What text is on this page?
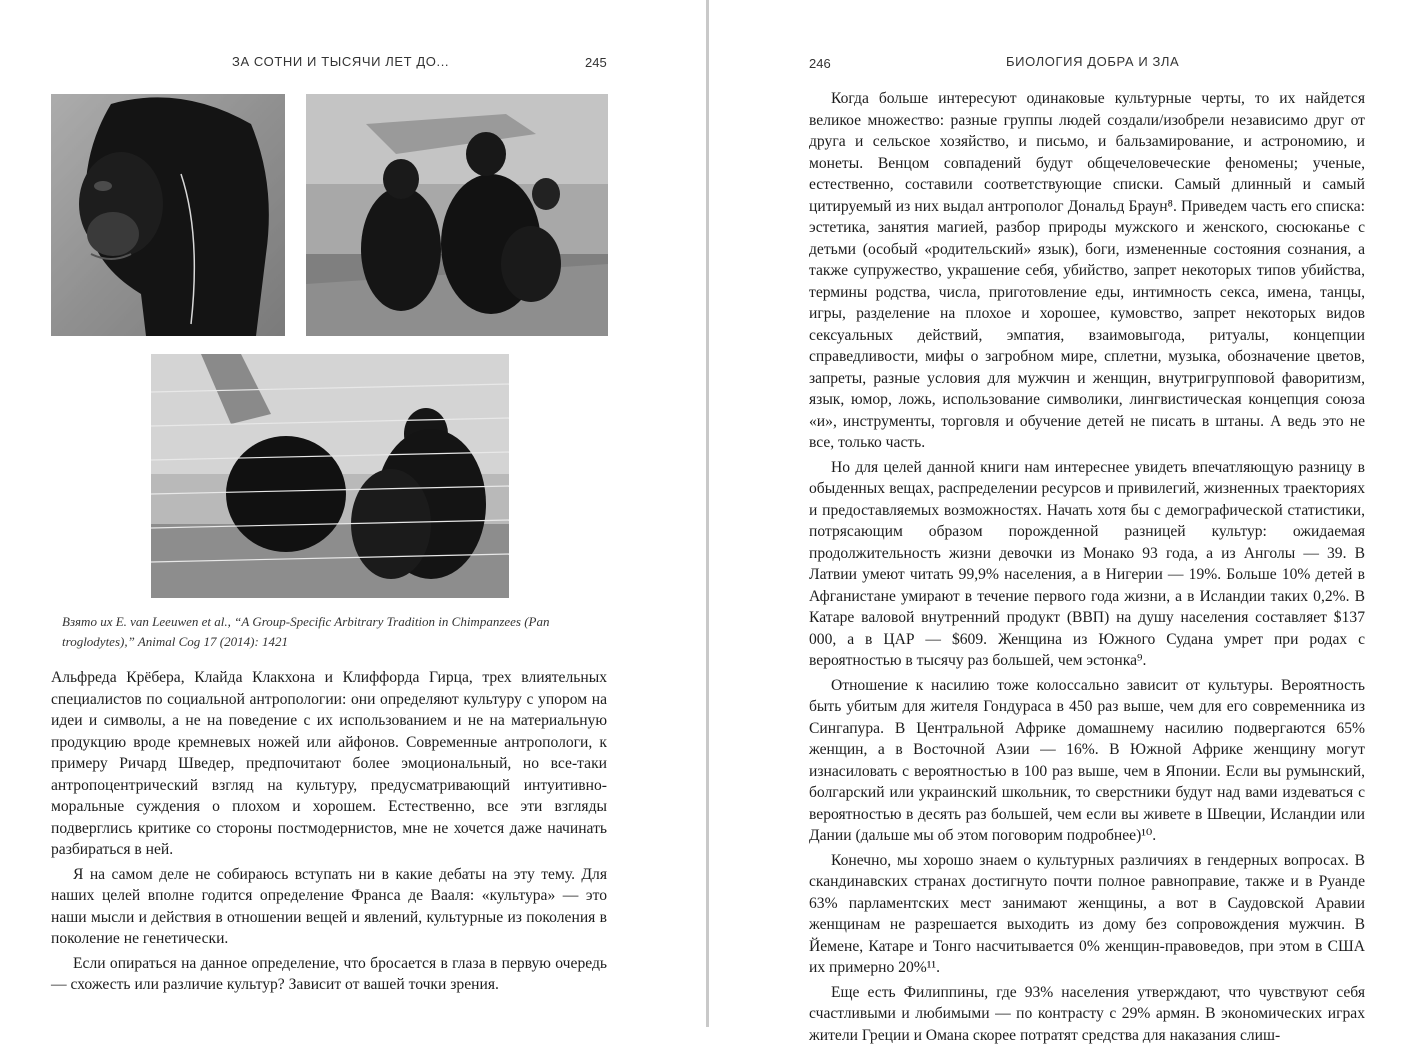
ЗА СОТНИ И ТЫСЯЧИ ЛЕТ ДО...	245
Взято их E. van Leeuwen et al., “A Group-Specific Arbitrary Tradition in Chimpanzees (Pan troglodytes),” Animal Cog 17 (2014): 1421

Альфреда Крёбера, Клайда Клакхона и Клиффорда Гирца, трех влиятельных специалистов по социальной антропологии: они определяют культуру с упором на идеи и символы, а не на поведение с их использованием и не на материальную продукцию вроде кремневых ножей или айфонов. Современные антропологи, к примеру Ричард Шведер, предпочитают более эмоциональный, но все-таки антропоцентрический взгляд на культуру, предусматривающий интуитивно-моральные суждения о плохом и хорошем. Естественно, все эти взгляды подверглись критике со стороны постмодернистов, мне не хочется даже начинать разбираться в ней.

Я на самом деле не собираюсь вступать ни в какие дебаты на эту тему. Для наших целей вполне годится определение Франса де Вааля: «культура» — это наши мысли и действия в отношении вещей и явлений, культурные из поколения в поколение не генетически.

Если опираться на данное определение, что бросается в глаза в первую очередь — схожесть или различие культур? Зависит от вашей точки зрения.

246	БИОЛОГИЯ ДОБРА И ЗЛА

Когда больше интересуют одинаковые культурные черты, то их найдется великое множество: разные группы людей создали/изобрели независимо друг от друга и сельское хозяйство, и письмо, и бальзамирование, и астрономию, и монеты. Венцом совпадений будут общечеловеческие феномены; ученые, естественно, составили соответствующие списки. Самый длинный и самый цитируемый из них выдал антрополог Дональд Браун⁸. Приведем часть его списка: эстетика, занятия магией, разбор природы мужского и женского, сюсюканье с детьми (особый «родительский» язык), боги, измененные состояния сознания, а также супружество, украшение себя, убийство, запрет некоторых типов убийства, термины родства, числа, приготовление еды, интимность секса, имена, танцы, игры, разделение на плохое и хорошее, кумовство, запрет некоторых видов сексуальных действий, эмпатия, взаимовыгода, ритуалы, концепции справедливости, мифы о загробном мире, сплетни, музыка, обозначение цветов, запреты, разные условия для мужчин и женщин, внутригрупповой фаворитизм, язык, юмор, ложь, использование символики, лингвистическая концепция союза «и», инструменты, торговля и обучение детей не писать в штаны. А ведь это не все, только часть.

Но для целей данной книги нам интереснее увидеть впечатляющую разницу в обыденных вещах, распределении ресурсов и привилегий, жизненных траекториях и предоставляемых возможностях. Начать хотя бы с демографической статистики, потрясающим образом порожденной разницей культур: ожидаемая продолжительность жизни девочки из Монако 93 года, а из Анголы — 39. В Латвии умеют читать 99,9% населения, а в Нигерии — 19%. Больше 10% детей в Афганистане умирают в течение первого года жизни, а в Исландии таких 0,2%. В Катаре валовой внутренний продукт (ВВП) на душу населения составляет $137 000, а в ЦАР — $609. Женщина из Южного Судана умрет при родах с вероятностью в тысячу раз большей, чем эстонка⁹.

Отношение к насилию тоже колоссально зависит от культуры. Вероятность быть убитым для жителя Гондураса в 450 раз выше, чем для его современника из Сингапура. В Центральной Африке домашнему насилию подвергаются 65% женщин, а в Восточной Азии — 16%. В Южной Африке женщину могут изнасиловать с вероятностью в 100 раз выше, чем в Японии. Если вы румынский, болгарский или украинский школьник, то сверстники будут над вами издеваться с вероятностью в десять раз большей, чем если вы живете в Швеции, Исландии или Дании (дальше мы об этом поговорим подробнее)¹⁰.

Конечно, мы хорошо знаем о культурных различиях в гендерных вопросах. В скандинавских странах достигнуто почти полное равноправие, также и в Руанде 63% парламентских мест занимают женщины, а вот в Саудовской Аравии женщинам не разрешается выходить из дому без сопровождения мужчин. В Йемене, Катаре и Тонго насчитывается 0% женщин-правоведов, при этом в США их примерно 20%¹¹.

Еще есть Филиппины, где 93% населения утверждают, что чувствуют себя счастливыми и любимыми — по контрасту с 29% армян. В экономических играх жители Греции и Омана скорее потратят средства для наказания слиш-
